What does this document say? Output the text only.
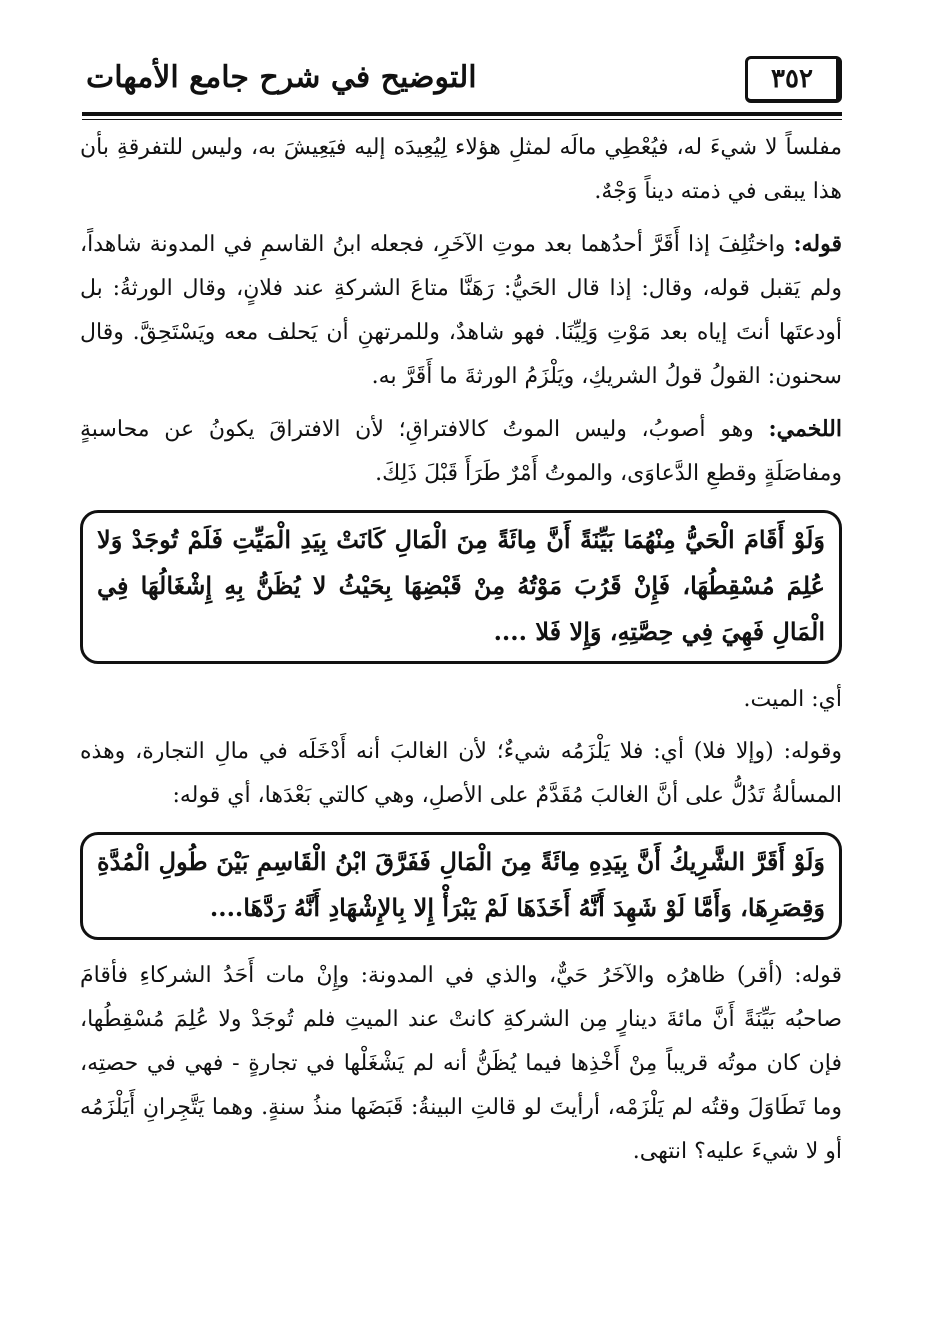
التوضيح في شرح جامع الأمهات	٣٥٢

مفلساً لا شيءَ له، فيُعْطِي مالَه لمثلِ هؤلاء لِيُعِيدَه إليه فيَعِيشَ به، وليس للتفرقةِ بأن هذا يبقى في ذمته ديناً وَجْهٌ.

قوله: واختُلِفَ إذا أَقَرَّ أحدُهما بعد موتِ الآخَرِ، فجعله ابنُ القاسمِ في المدونة شاهداً، ولم يَقبل قوله، وقال: إذا قال الحَيُّ: رَهَنَّا متاعَ الشركةِ عند فلانٍ، وقال الورثةُ: بل أودعتَها أنتَ إياه بعد مَوْتِ وَلِيِّنَا. فهو شاهدٌ، وللمرتهنِ أن يَحلف معه ويَسْتَحِقَّ. وقال سحنون: القولُ قولُ الشريكِ، ويَلْزَمُ الورثةَ ما أَقَرَّ به.

اللخمي: وهو أصوبُ، وليس الموتُ كالافتراقِ؛ لأن الافتراقَ يكونُ عن محاسبةٍ ومفاصَلَةٍ وقطعِ الدَّعاوَى، والموتُ أَمْرٌ طَرَأَ قَبْلَ ذَلِكَ.

وَلَوْ أَقَامَ الْحَيُّ مِنْهُمَا بَيِّنَةً أَنَّ مِائَةً مِنَ الْمَالِ كَانَتْ بِيَدِ الْمَيِّتِ فَلَمْ تُوجَدْ وَلا عُلِمَ مُسْقِطُهَا، فَإِنْ قَرُبَ مَوْتُهُ مِنْ قَبْضِهَا بِحَيْثُ لا يُظَنُّ بِهِ إِشْغَالُهَا فِي الْمَالِ فَهِيَ فِي حِصَّتِهِ، وَإِلا فَلا ....

أي: الميت.

وقوله: (وإلا فلا) أي: فلا يَلْزَمُه شيءٌ؛ لأن الغالبَ أنه أَدْخَلَه في مالِ التجارة، وهذه المسألةُ تَدُلُّ على أنَّ الغالبَ مُقَدَّمٌ على الأصلِ، وهي كالتي بَعْدَها، أي قوله:

وَلَوْ أَقَرَّ الشَّرِيكُ أَنَّ بِيَدِهِ مِائَةً مِنَ الْمَالِ فَفَرَّقَ ابْنُ الْقَاسِمِ بَيْنَ طُولِ الْمُدَّةِ وَقِصَرِهَا، وَأَمَّا لَوْ شَهِدَ أَنَّهُ أَخَذَهَا لَمْ يَبْرَأْ إِلا بِالإِشْهَادِ أَنَّهُ رَدَّهَا....

قوله: (أقر) ظاهرُه والآخَرُ حَيٌّ، والذي في المدونة: وإِنْ مات أَحَدُ الشركاءِ فأقامَ صاحبُه بَيِّنَةً أَنَّ مائةَ دينارٍ مِن الشركةِ كانتْ عند الميتِ فلم تُوجَدْ ولا عُلِمَ مُسْقِطُها، فإن كان موتُه قريباً مِنْ أَخْذِها فيما يُظَنُّ أنه لم يَشْغَلْها في تجارةٍ - فهي في حصتِه، وما تَطَاوَلَ وقتُه لم يَلْزَمْه، أرأيتَ لو قالتِ البينةُ: قَبَضَها منذُ سنةٍ. وهما يَتَّجِرانِ أَيَلْزَمُه أو لا شيءَ عليه؟ انتهى.
